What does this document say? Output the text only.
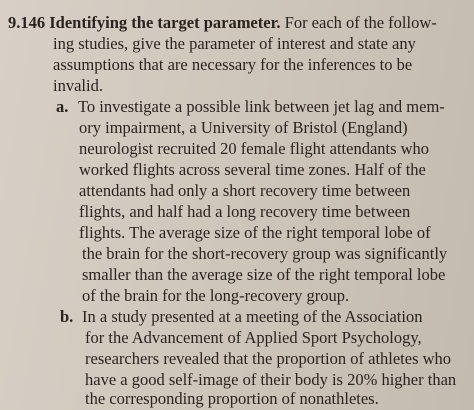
9.146 Identifying the target parameter. For each of the follow-
ing studies, give the parameter of interest and state any
assumptions that are necessary for the inferences to be
invalid.
a. To investigate a possible link between jet lag and mem-
ory impairment, a University of Bristol (England)
neurologist recruited 20 female flight attendants who
worked flights across several time zones. Half of the
attendants had only a short recovery time between
flights, and half had a long recovery time between
flights. The average size of the right temporal lobe of
the brain for the short-recovery group was significantly
smaller than the average size of the right temporal lobe
of the brain for the long-recovery group.
b. In a study presented at a meeting of the Association
for the Advancement of Applied Sport Psychology,
researchers revealed that the proportion of athletes who
have a good self-image of their body is 20% higher than
the corresponding proportion of nonathletes.
